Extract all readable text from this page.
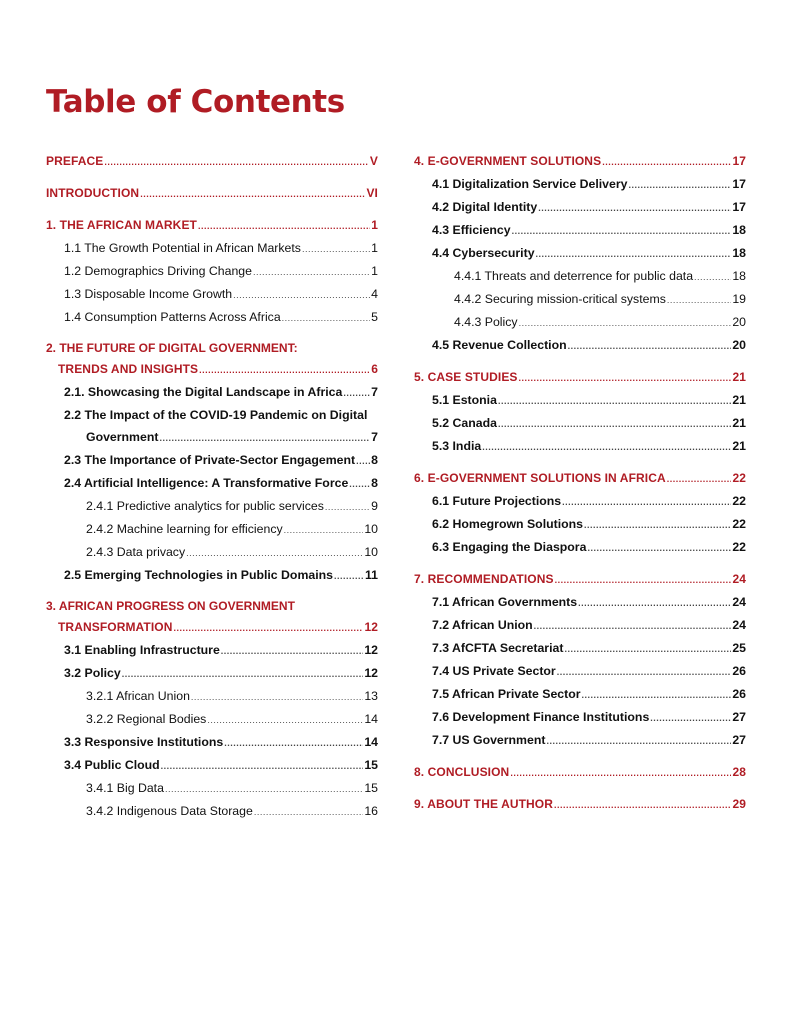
Table of Contents
PREFACE .....	V
INTRODUCTION .....	VI
1. THE AFRICAN MARKET .....	1
1.1 The Growth Potential in African Markets .....	1
1.2 Demographics Driving Change .....	1
1.3 Disposable Income Growth .....	4
1.4 Consumption Patterns Across Africa .....	5
2. THE FUTURE OF DIGITAL GOVERNMENT:
TRENDS AND INSIGHTS .....	6
2.1. Showcasing the Digital Landscape in Africa ..... 7
2.2 The Impact of the COVID-19 Pandemic on Digital
Government .....	7
2.3 The Importance of Private-Sector Engagement ..... 8
2.4 Artificial Intelligence: A Transformative Force ..... 8
2.4.1 Predictive analytics for public services .....	9
2.4.2 Machine learning for efficiency .....	10
2.4.3 Data privacy .....	10
2.5 Emerging Technologies in Public Domains .....	11
3. AFRICAN PROGRESS ON GOVERNMENT
TRANSFORMATION .....	12
3.1 Enabling Infrastructure .....	12
3.2 Policy .....	12
3.2.1 African Union .....	13
3.2.2 Regional Bodies .....	14
3.3 Responsive Institutions .....	14
3.4 Public Cloud .....	15
3.4.1 Big Data .....	15
3.4.2 Indigenous Data Storage .....	16
4. E-GOVERNMENT SOLUTIONS .....	17
4.1 Digitalization Service Delivery .....	17
4.2 Digital Identity .....	17
4.3 Efficiency .....	18
4.4 Cybersecurity .....	18
4.4.1 Threats and deterrence for public data .....	18
4.4.2 Securing mission-critical systems .....	19
4.4.3 Policy .....	20
4.5 Revenue Collection .....	20
5. CASE STUDIES .....	21
5.1 Estonia .....	21
5.2 Canada .....	21
5.3 India .....	21
6. E-GOVERNMENT SOLUTIONS IN AFRICA .....	22
6.1 Future Projections .....	22
6.2 Homegrown Solutions .....	22
6.3 Engaging the Diaspora .....	22
7. RECOMMENDATIONS .....	24
7.1 African Governments .....	24
7.2 African Union .....	24
7.3 AfCFTA Secretariat .....	25
7.4 US Private Sector .....	26
7.5 African Private Sector .....	26
7.6 Development Finance Institutions .....	27
7.7 US Government .....	27
8. CONCLUSION .....	28
9. ABOUT THE AUTHOR .....	29
